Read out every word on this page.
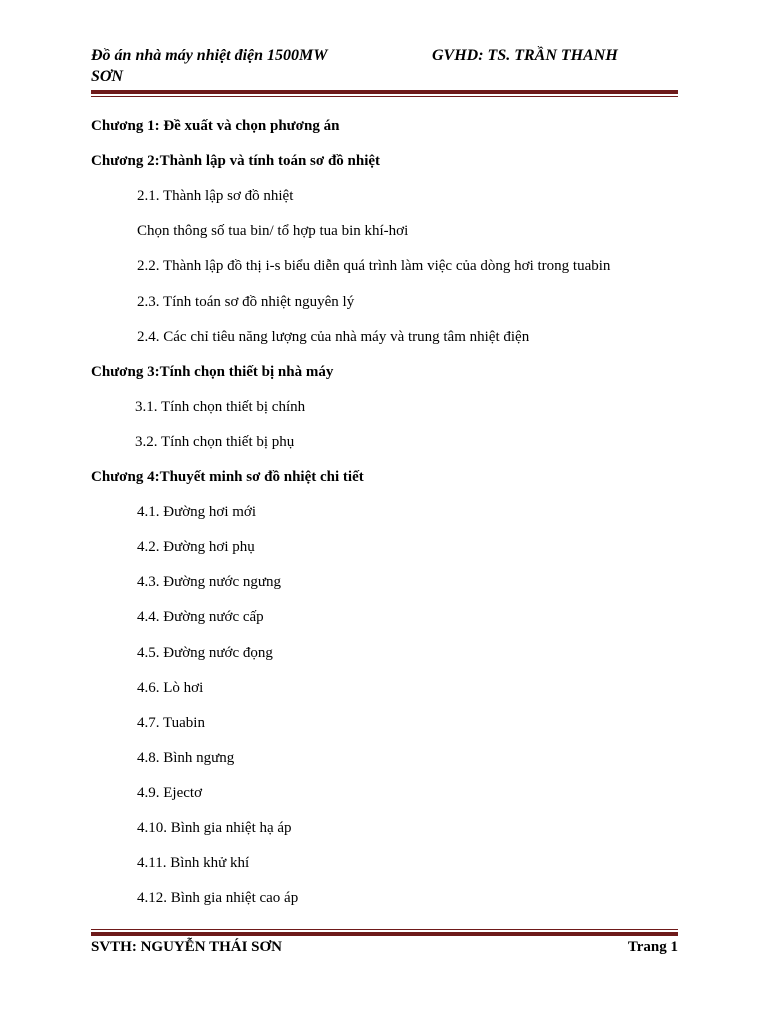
Đồ án nhà máy nhiệt điện 1500MW	GVHD: TS. TRẦN THANH
SƠN
Chương 1: Đề xuất và chọn phương án
Chương 2:Thành lập và tính toán sơ đồ nhiệt
2.1. Thành lập sơ đồ nhiệt
Chọn thông số tua bin/ tổ hợp tua bin khí-hơi
2.2. Thành lập đồ thị i-s biểu diễn quá trình làm việc của dòng hơi trong tuabin
2.3. Tính toán sơ đồ nhiệt nguyên lý
2.4. Các chỉ tiêu năng lượng của nhà máy và trung tâm nhiệt điện
Chương 3:Tính chọn thiết bị nhà máy
3.1. Tính chọn thiết bị chính
3.2. Tính chọn thiết bị phụ
Chương 4:Thuyết minh sơ đồ nhiệt chi tiết
4.1. Đường hơi mới
4.2. Đường hơi phụ
4.3. Đường nước ngưng
4.4. Đường nước cấp
4.5. Đường nước đọng
4.6. Lò hơi
4.7. Tuabin
4.8. Bình ngưng
4.9. Ejectơ
4.10. Bình gia nhiệt hạ áp
4.11. Bình khử khí
4.12. Bình gia nhiệt cao áp
SVTH: NGUYỄN THÁI SƠN	Trang 1
